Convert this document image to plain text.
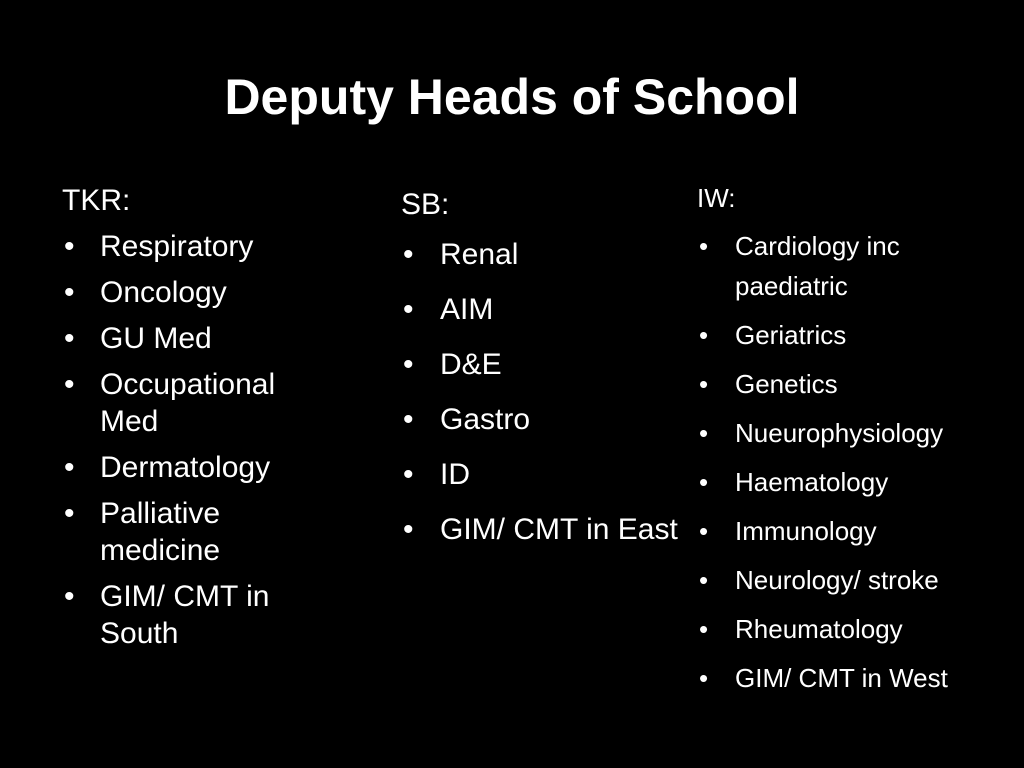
Deputy Heads of School
TKR:
• Respiratory
• Oncology
• GU Med
• Occupational Med
• Dermatology
• Palliative medicine
• GIM/ CMT in South
SB:
• Renal
• AIM
• D&E
• Gastro
• ID
• GIM/ CMT in East
IW:
• Cardiology inc paediatric
• Geriatrics
• Genetics
• Nueurophysiology
• Haematology
• Immunology
• Neurology/ stroke
• Rheumatology
• GIM/ CMT in West
